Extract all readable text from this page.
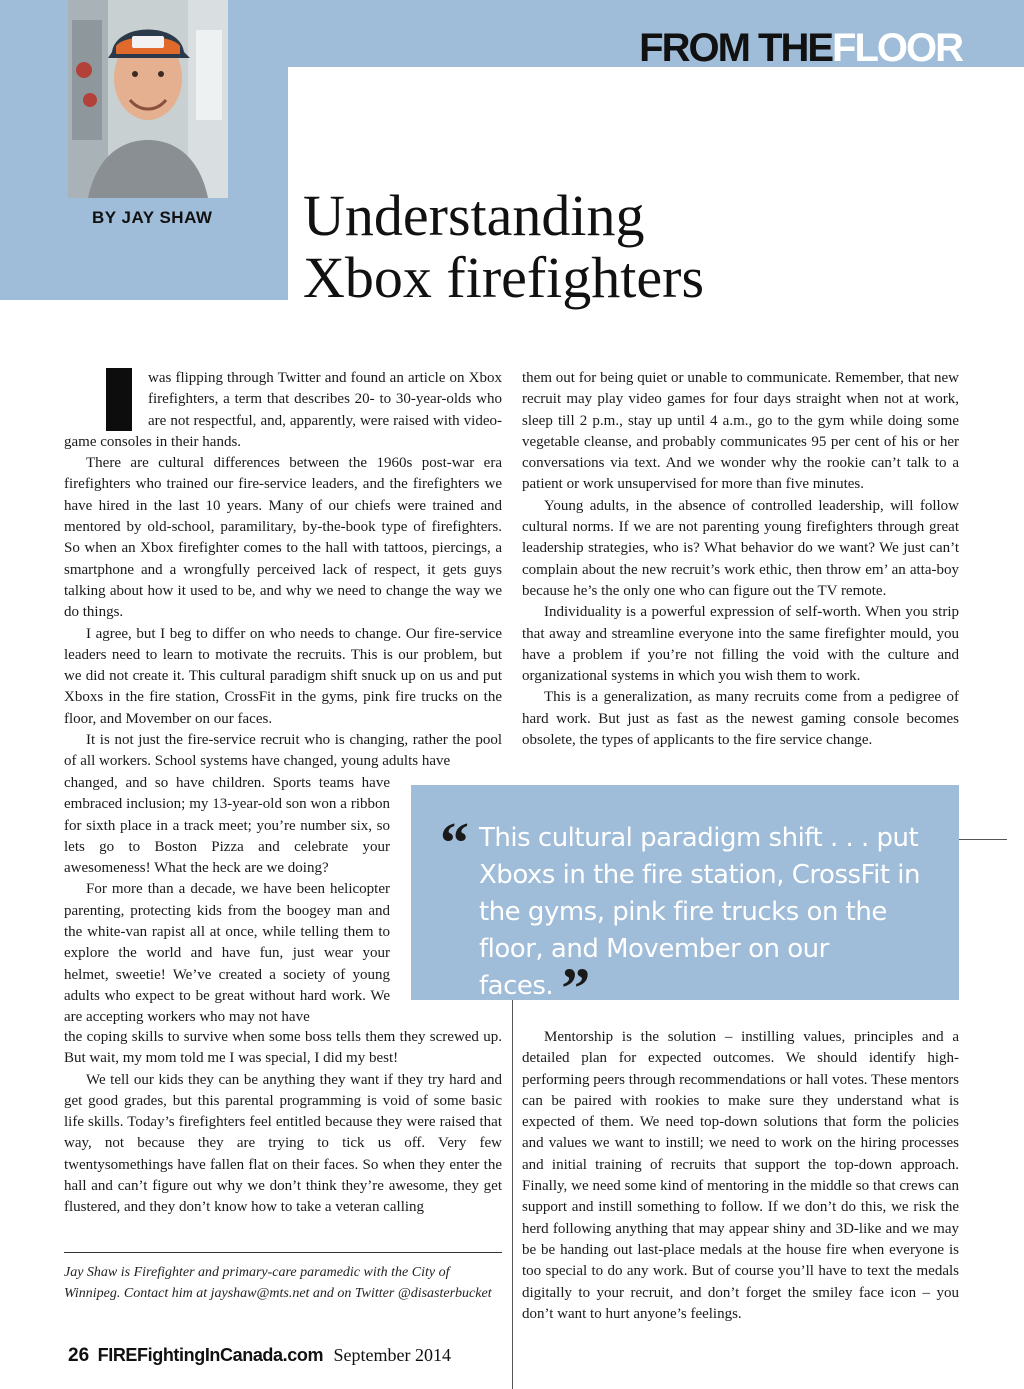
BY JAY SHAW
FROM THEFLOOR
Understanding
Xbox firefighters

was flipping through Twitter and found an article on Xbox firefighters, a term that describes 20- to 30-year-olds who are not respectful, and, apparently, were raised with video-game consoles in their hands.

There are cultural differences between the 1960s post-war era firefighters who trained our fire-service leaders, and the firefighters we have hired in the last 10 years. Many of our chiefs were trained and mentored by old-school, paramilitary, by-the-book type of firefighters. So when an Xbox firefighter comes to the hall with tattoos, piercings, a smartphone and a wrongfully perceived lack of respect, it gets guys talking about how it used to be, and why we need to change the way we do things.

I agree, but I beg to differ on who needs to change. Our fire-service leaders need to learn to motivate the recruits. This is our problem, but we did not create it. This cultural paradigm shift snuck up on us and put Xboxs in the fire station, CrossFit in the gyms, pink fire trucks on the floor, and Movember on our faces.

It is not just the fire-service recruit who is changing, rather the pool of all workers. School systems have changed, young adults have

changed, and so have children. Sports teams have embraced inclusion; my 13-year-old son won a ribbon for sixth place in a track meet; you’re number six, so lets go to Boston Pizza and celebrate your awesomeness! What the heck are we doing?

For more than a decade, we have been helicopter parenting, protecting kids from the boogey man and the white-van rapist all at once, while telling them to explore the world and have fun, just wear your helmet, sweetie! We’ve created a society of young adults who expect to be great without hard work. We are accepting workers who may not have

the coping skills to survive when some boss tells them they screwed up. But wait, my mom told me I was special, I did my best!

We tell our kids they can be anything they want if they try hard and get good grades, but this parental programming is void of some basic life skills. Today’s firefighters feel entitled because they were raised that way, not because they are trying to tick us off. Very few twentysomethings have fallen flat on their faces. So when they enter the hall and can’t figure out why we don’t think they’re awesome, they get flustered, and they don’t know how to take a veteran calling

them out for being quiet or unable to communicate. Remember, that new recruit may play video games for four days straight when not at work, sleep till 2 p.m., stay up until 4 a.m., go to the gym while doing some vegetable cleanse, and probably communicates 95 per cent of his or her conversations via text. And we wonder why the rookie can’t talk to a patient or work unsupervised for more than five minutes.

Young adults, in the absence of controlled leadership, will follow cultural norms. If we are not parenting young firefighters through great leadership strategies, who is? What behavior do we want? We just can’t complain about the new recruit’s work ethic, then throw em’ an atta-boy because he’s the only one who can figure out the TV remote.

Individuality is a powerful expression of self-worth. When you strip that away and streamline everyone into the same firefighter mould, you have a problem if you’re not filling the void with the culture and organizational systems in which you wish them to work.

This is a generalization, as many recruits come from a pedigree of hard work. But just as fast as the newest gaming console becomes obsolete, the types of applicants to the fire service change.

Mentorship is the solution – instilling values, principles and a detailed plan for expected outcomes. We should identify high-performing peers through recommendations or hall votes. These mentors can be paired with rookies to make sure they understand what is expected of them. We need top-down solutions that form the policies and values we want to instill; we need to work on the hiring processes and initial training of recruits that support the top-down approach. Finally, we need some kind of mentoring in the middle so that crews can support and instill something to follow. If we don’t do this, we risk the herd following anything that may appear shiny and 3D-like and we may be be handing out last-place medals at the house fire when everyone is too special to do any work. But of course you’ll have to text the medals digitally to your recruit, and don’t forget the smiley face icon – you don’t want to hurt anyone’s feelings.

“ This cultural paradigm shift . . . put Xboxs in the fire station, CrossFit in the gyms, pink fire trucks on the floor, and Movember on our faces. ”

Jay Shaw is Firefighter and primary-care paramedic with the City of Winnipeg. Contact him at jayshaw@mts.net and on Twitter @disasterbucket

26 FIREFightingInCanada.com September 2014
